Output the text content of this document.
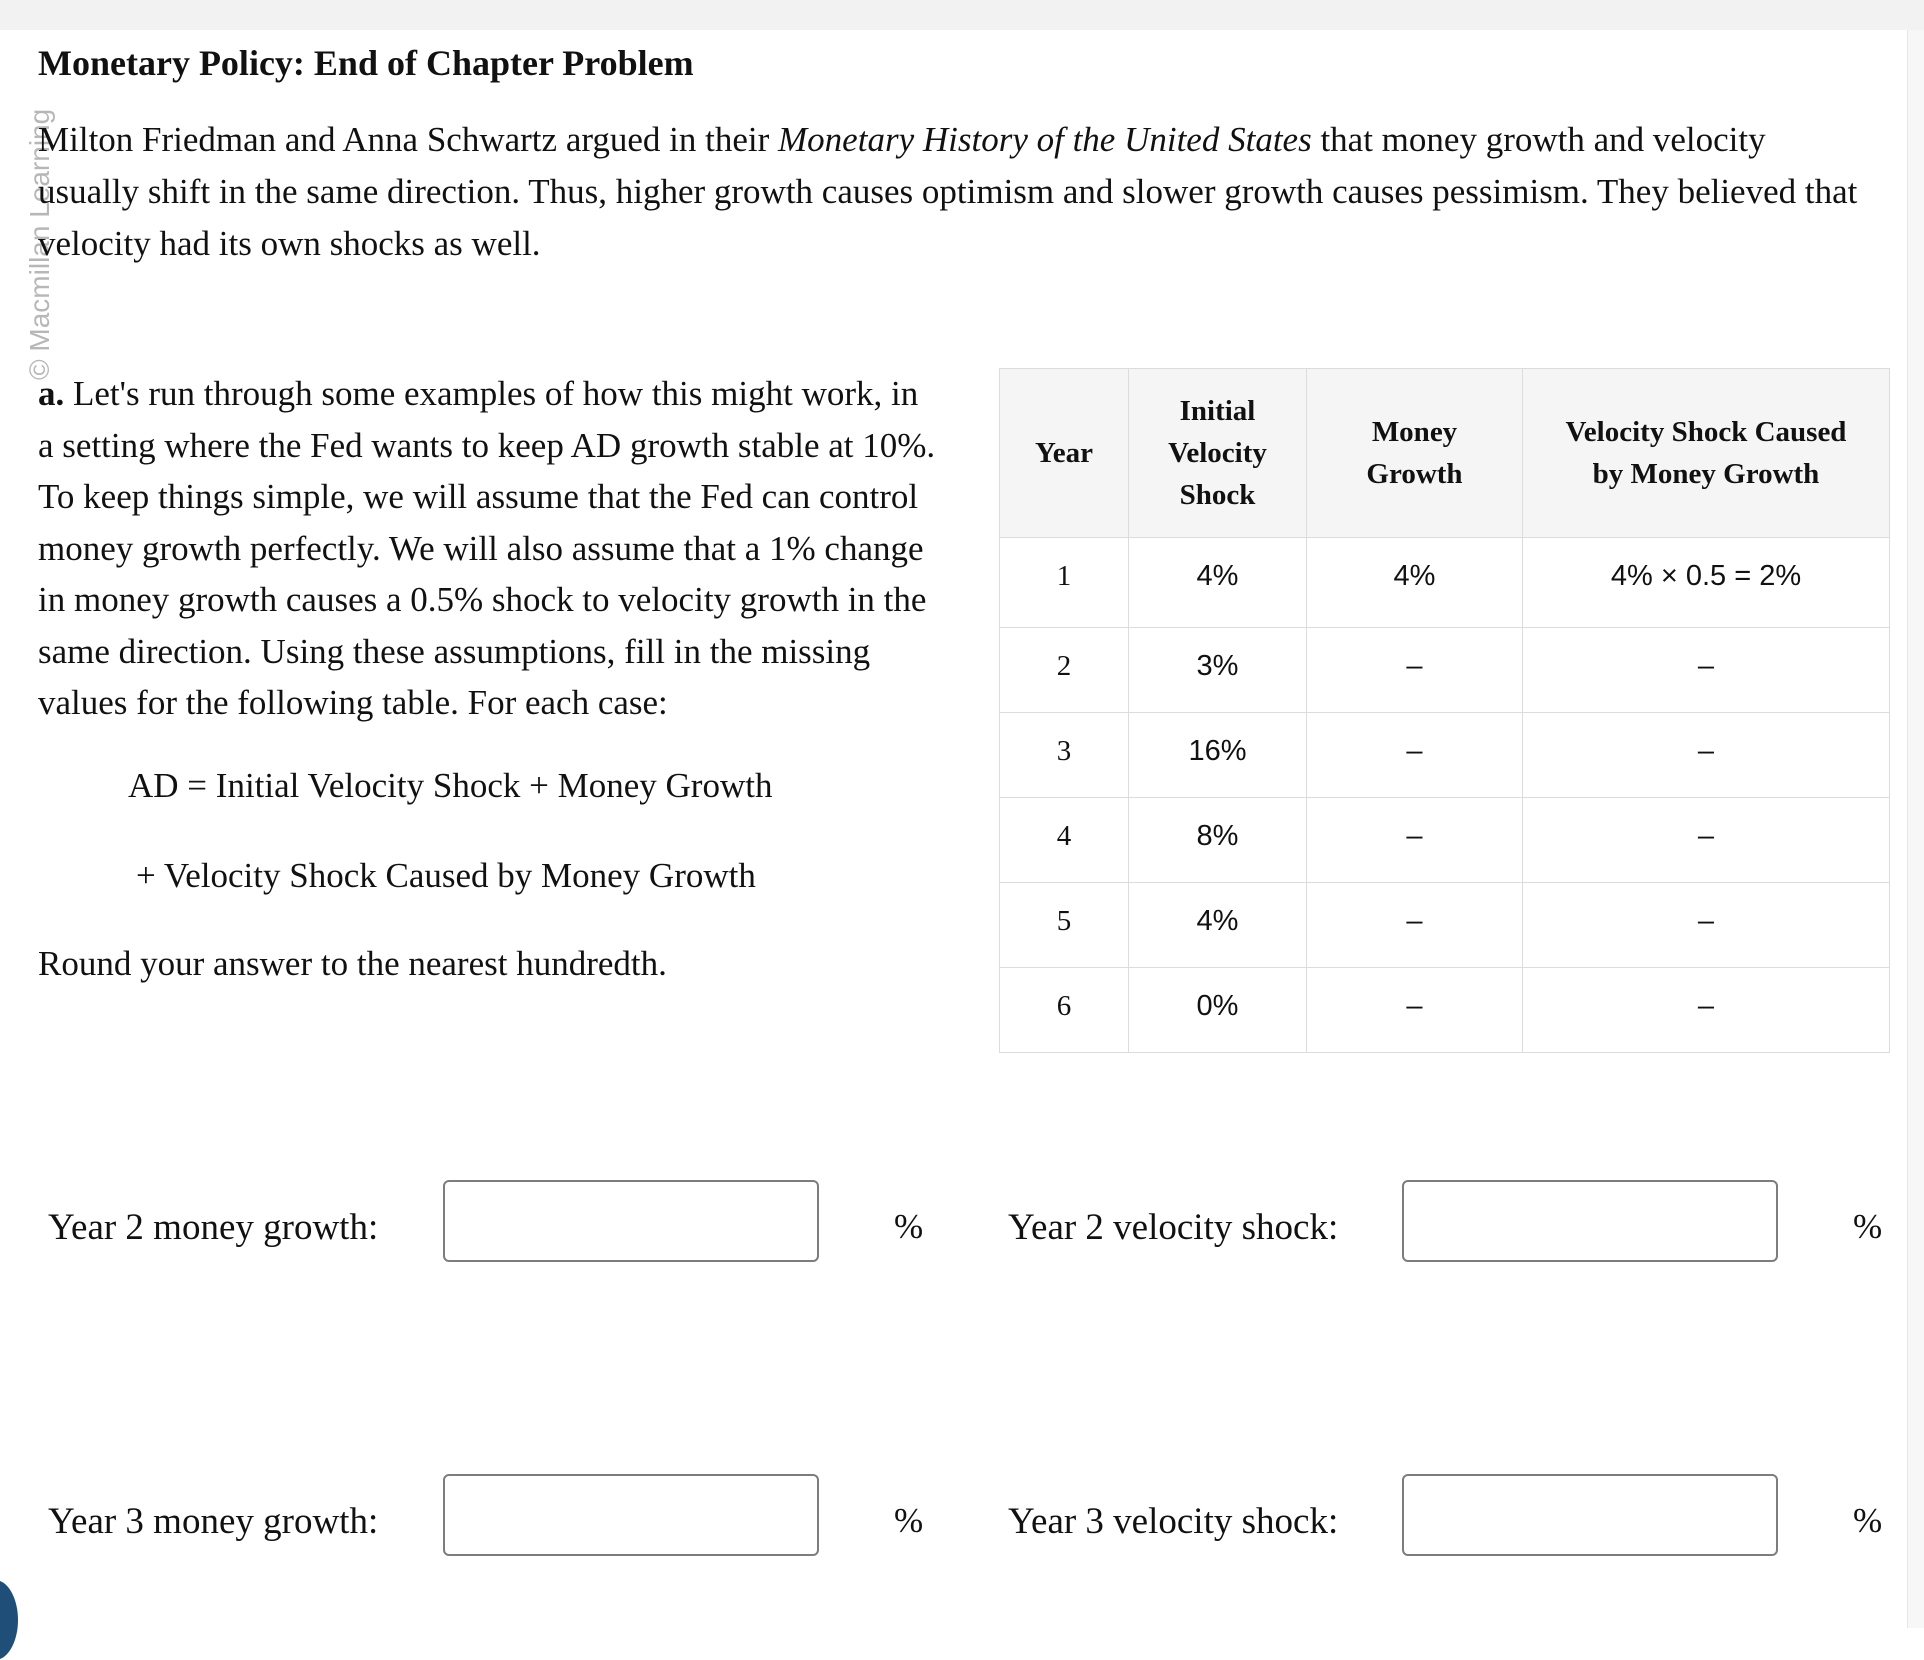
© Macmillan Learning
Monetary Policy: End of Chapter Problem

Milton Friedman and Anna Schwartz argued in their Monetary History of the United States that money growth and velocity usually shift in the same direction. Thus, higher growth causes optimism and slower growth causes pessimism. They believed that velocity had its own shocks as well.

a. Let's run through some examples of how this might work, in a setting where the Fed wants to keep AD growth stable at 10%. To keep things simple, we will assume that the Fed can control money growth perfectly. We will also assume that a 1% change in money growth causes a 0.5% shock to velocity growth in the same direction. Using these assumptions, fill in the missing values for the following table. For each case:

AD = Initial Velocity Shock + Money Growth
+ Velocity Shock Caused by Money Growth
Round your answer to the nearest hundredth.
Year	Initial Velocity Shock	Money Growth	Velocity Shock Caused by Money Growth
1	4%	4%	4% × 0.5 = 2%
2	3%	–	–
3	16%	–	–
4	8%	–	–
5	4%	–	–
6	0%	–	–
Year 2 money growth:	% Year 2 velocity shock:	%
Year 3 money growth:	% Year 3 velocity shock:	%
